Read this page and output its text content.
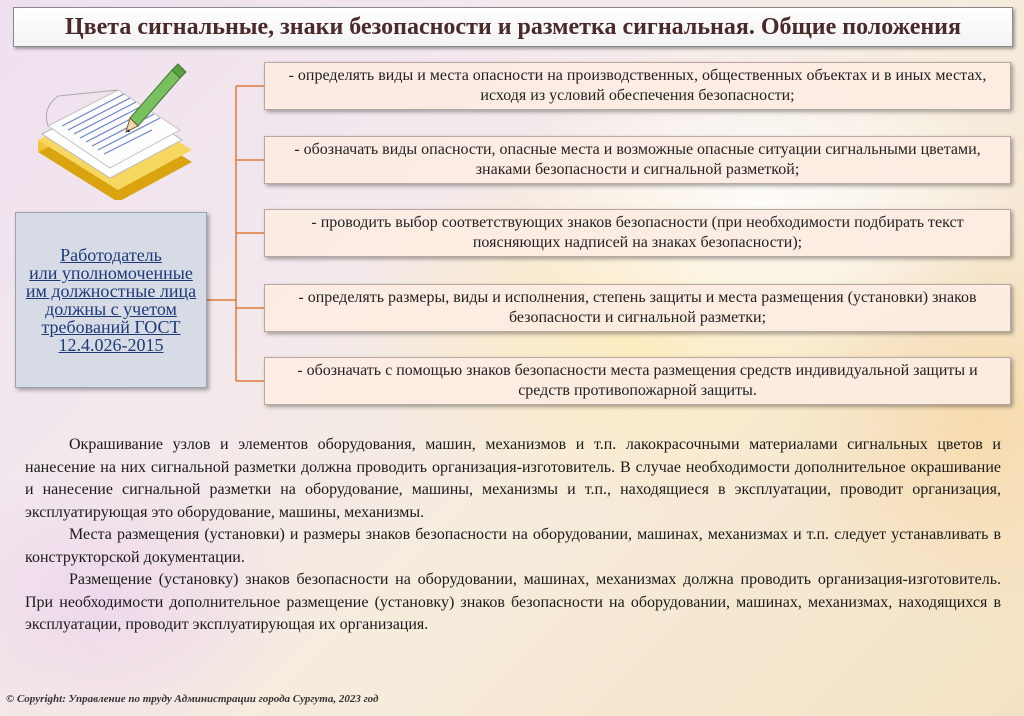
Цвета сигнальные, знаки безопасности и разметка сигнальная. Общие положения
Работодатель
или уполномоченные
им должностные лица
должны с учетом
требований ГОСТ
12.4.026-2015
- определять виды и места опасности на производственных, общественных объектах и в иных местах, исходя из условий обеспечения безопасности;
- обозначать виды опасности, опасные места и возможные опасные ситуации сигнальными цветами, знаками безопасности и сигнальной разметкой;
- проводить выбор соответствующих знаков безопасности (при необходимости подбирать текст поясняющих надписей на знаках безопасности);
- определять размеры, виды и исполнения, степень защиты и места размещения (установки) знаков безопасности и сигнальной разметки;
- обозначать с помощью знаков безопасности места размещения средств индивидуальной защиты и средств противопожарной защиты.

Окрашивание узлов и элементов оборудования, машин, механизмов и т.п. лакокрасочными материалами сигнальных цветов и нанесение на них сигнальной разметки должна проводить организация-изготовитель. В случае необходимости дополнительное окрашивание и нанесение сигнальной разметки на оборудование, машины, механизмы и т.п., находящиеся в эксплуатации, проводит организация, эксплуатирующая это оборудование, машины, механизмы.

Места размещения (установки) и размеры знаков безопасности на оборудовании, машинах, механизмах и т.п. следует устанавливать в конструкторской документации.

Размещение (установку) знаков безопасности на оборудовании, машинах, механизмах должна проводить организация-изготовитель. При необходимости дополнительное размещение (установку) знаков безопасности на оборудовании, машинах, механизмах, находящихся в эксплуатации, проводит эксплуатирующая их организация.

© Copyright: Управление по труду Администрации города Сургута, 2023 год
